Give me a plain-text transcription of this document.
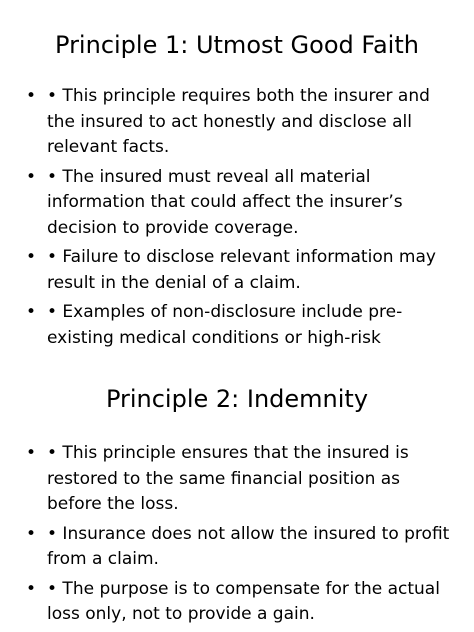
Principle 1: Utmost Good Faith
• • This principle requires both the insurer and the insured to act honestly and disclose all relevant facts.
• • The insured must reveal all material information that could affect the insurer’s decision to provide coverage.
• • Failure to disclose relevant information may result in the denial of a claim.
• • Examples of non-disclosure include pre-existing medical conditions or high-risk
Principle 2: Indemnity
• • This principle ensures that the insured is restored to the same financial position as before the loss.
• • Insurance does not allow the insured to profit from a claim.
• • The purpose is to compensate for the actual loss only, not to provide a gain.
